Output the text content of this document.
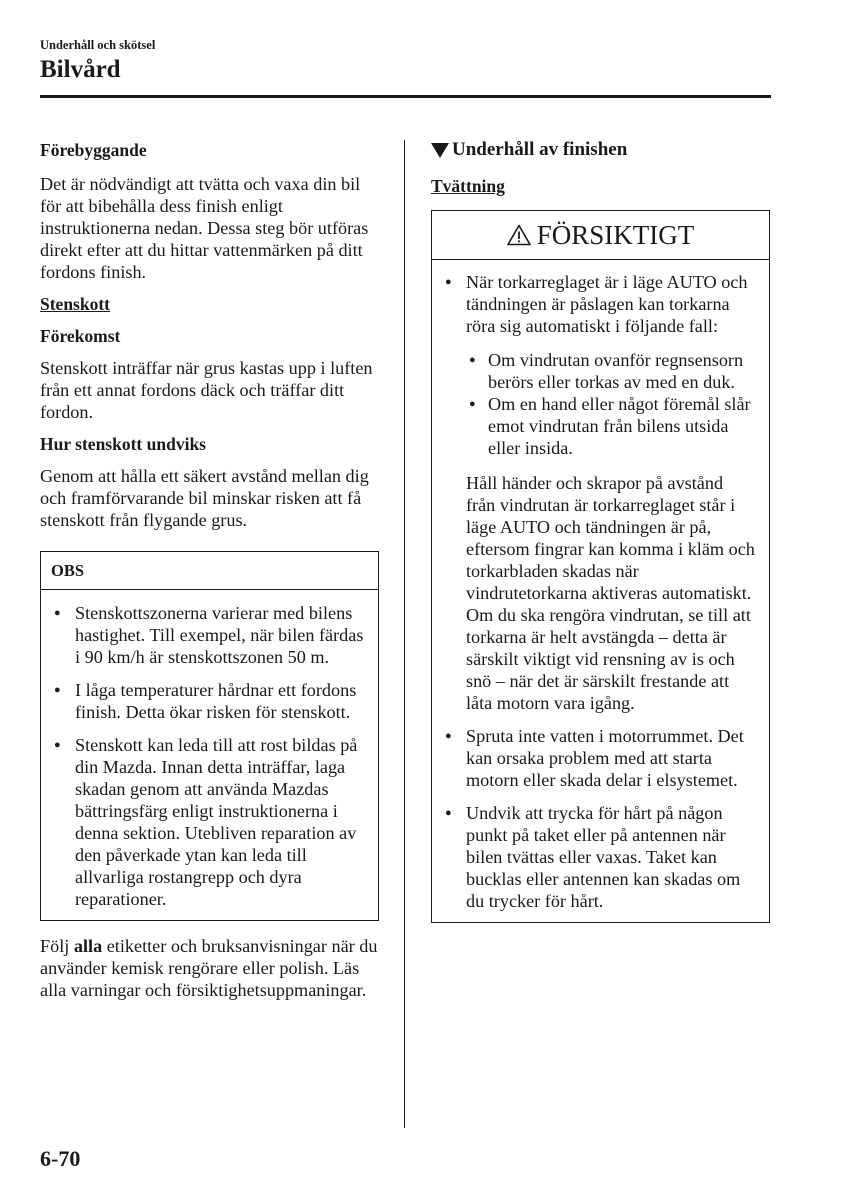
Underhåll och skötsel
Bilvård

Förebyggande

Det är nödvändigt att tvätta och vaxa din bil för att bibehålla dess finish enligt instruktionerna nedan. Dessa steg bör utföras direkt efter att du hittar vattenmärken på ditt fordons finish.

Stenskott

Förekomst

Stenskott inträffar när grus kastas upp i luften från ett annat fordons däck och träffar ditt fordon.

Hur stenskott undviks

Genom att hålla ett säkert avstånd mellan dig och framförvarande bil minskar risken att få stenskott från flygande grus.

OBS
● Stenskottszonerna varierar med bilens hastighet. Till exempel, när bilen färdas i 90 km/h är stenskottszonen 50 m.
● I låga temperaturer hårdnar ett fordons finish. Detta ökar risken för stenskott.
● Stenskott kan leda till att rost bildas på din Mazda. Innan detta inträffar, laga skadan genom att använda Mazdas bättringsfärg enligt instruktionerna i denna sektion. Utebliven reparation av den påverkade ytan kan leda till allvarliga rostangrepp och dyra reparationer.

Följ alla etiketter och bruksanvisningar när du använder kemisk rengörare eller polish. Läs alla varningar och försiktighetsuppmaningar.

Underhåll av finishen

Tvättning

FÖRSIKTIGT
● När torkarreglaget är i läge AUTO och tändningen är påslagen kan torkarna röra sig automatiskt i följande fall:
● Om vindrutan ovanför regnsensorn berörs eller torkas av med en duk.
● Om en hand eller något föremål slår emot vindrutan från bilens utsida eller insida.
Håll händer och skrapor på avstånd från vindrutan är torkarreglaget står i läge AUTO och tändningen är på, eftersom fingrar kan komma i kläm och torkarbladen skadas när vindrutetorkarna aktiveras automatiskt.
Om du ska rengöra vindrutan, se till att torkarna är helt avstängda – detta är särskilt viktigt vid rensning av is och snö – när det är särskilt frestande att låta motorn vara igång.
● Spruta inte vatten i motorrummet. Det kan orsaka problem med att starta motorn eller skada delar i elsystemet.
● Undvik att trycka för hårt på någon punkt på taket eller på antennen när bilen tvättas eller vaxas. Taket kan bucklas eller antennen kan skadas om du trycker för hårt.
6-70
